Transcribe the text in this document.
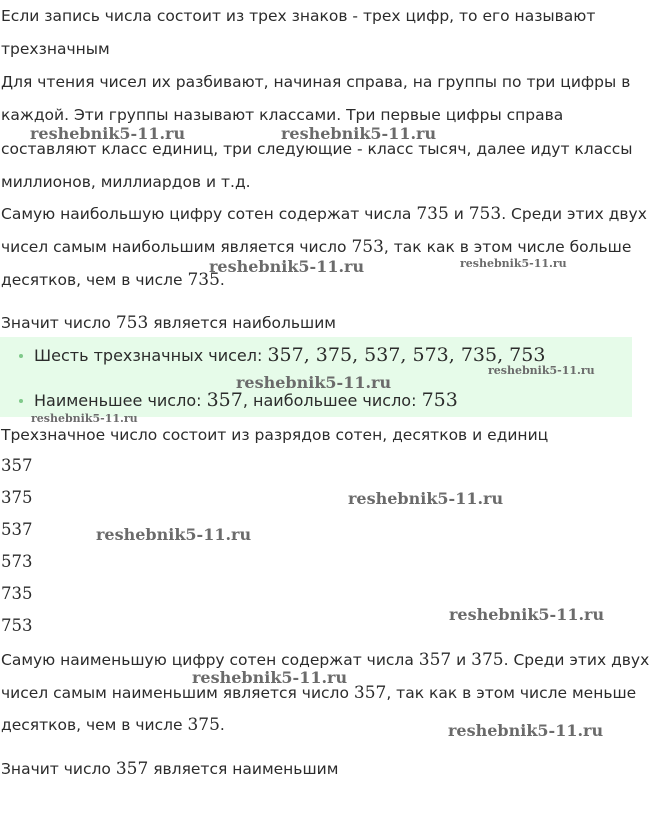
Если запись числа состоит из трех знаков - трех цифр, то его называют
трехзначным
Для чтения чисел их разбивают, начиная справа, на группы по три цифры в
каждой. Эти группы называют классами. Три первые цифры справа
составляют класс единиц, три следующие - класс тысяч, далее идут классы
миллионов, миллиардов и т.д.
Самую наибольшую цифру сотен содержат числа 735 и 753. Среди этих двух
чисел самым наибольшим является число 753, так как в этом числе больше
десятков, чем в числе 735.
Значит число 753 является наибольшим
Шесть трехзначных чисел: 357, 375, 537, 573, 735, 753
Наименьшее число: 357, наибольшее число: 753
Трехзначное число состоит из разрядов сотен, десятков и единиц
357
375
537
573
735
753
Самую наименьшую цифру сотен содержат числа 357 и 375. Среди этих двух
чисел самым наименьшим является число 357, так как в этом числе меньше
десятков, чем в числе 375.
Значит число 357 является наименьшим
reshebnik5-11.ru	reshebnik5-11.ru
reshebnik5-11.ru	reshebnik5-11.ru
reshebnik5-11.ru
reshebnik5-11.ru
reshebnik5-11.ru
reshebnik5-11.ru
reshebnik5-11.ru
reshebnik5-11.ru
reshebnik5-11.ru
reshebnik5-11.ru
